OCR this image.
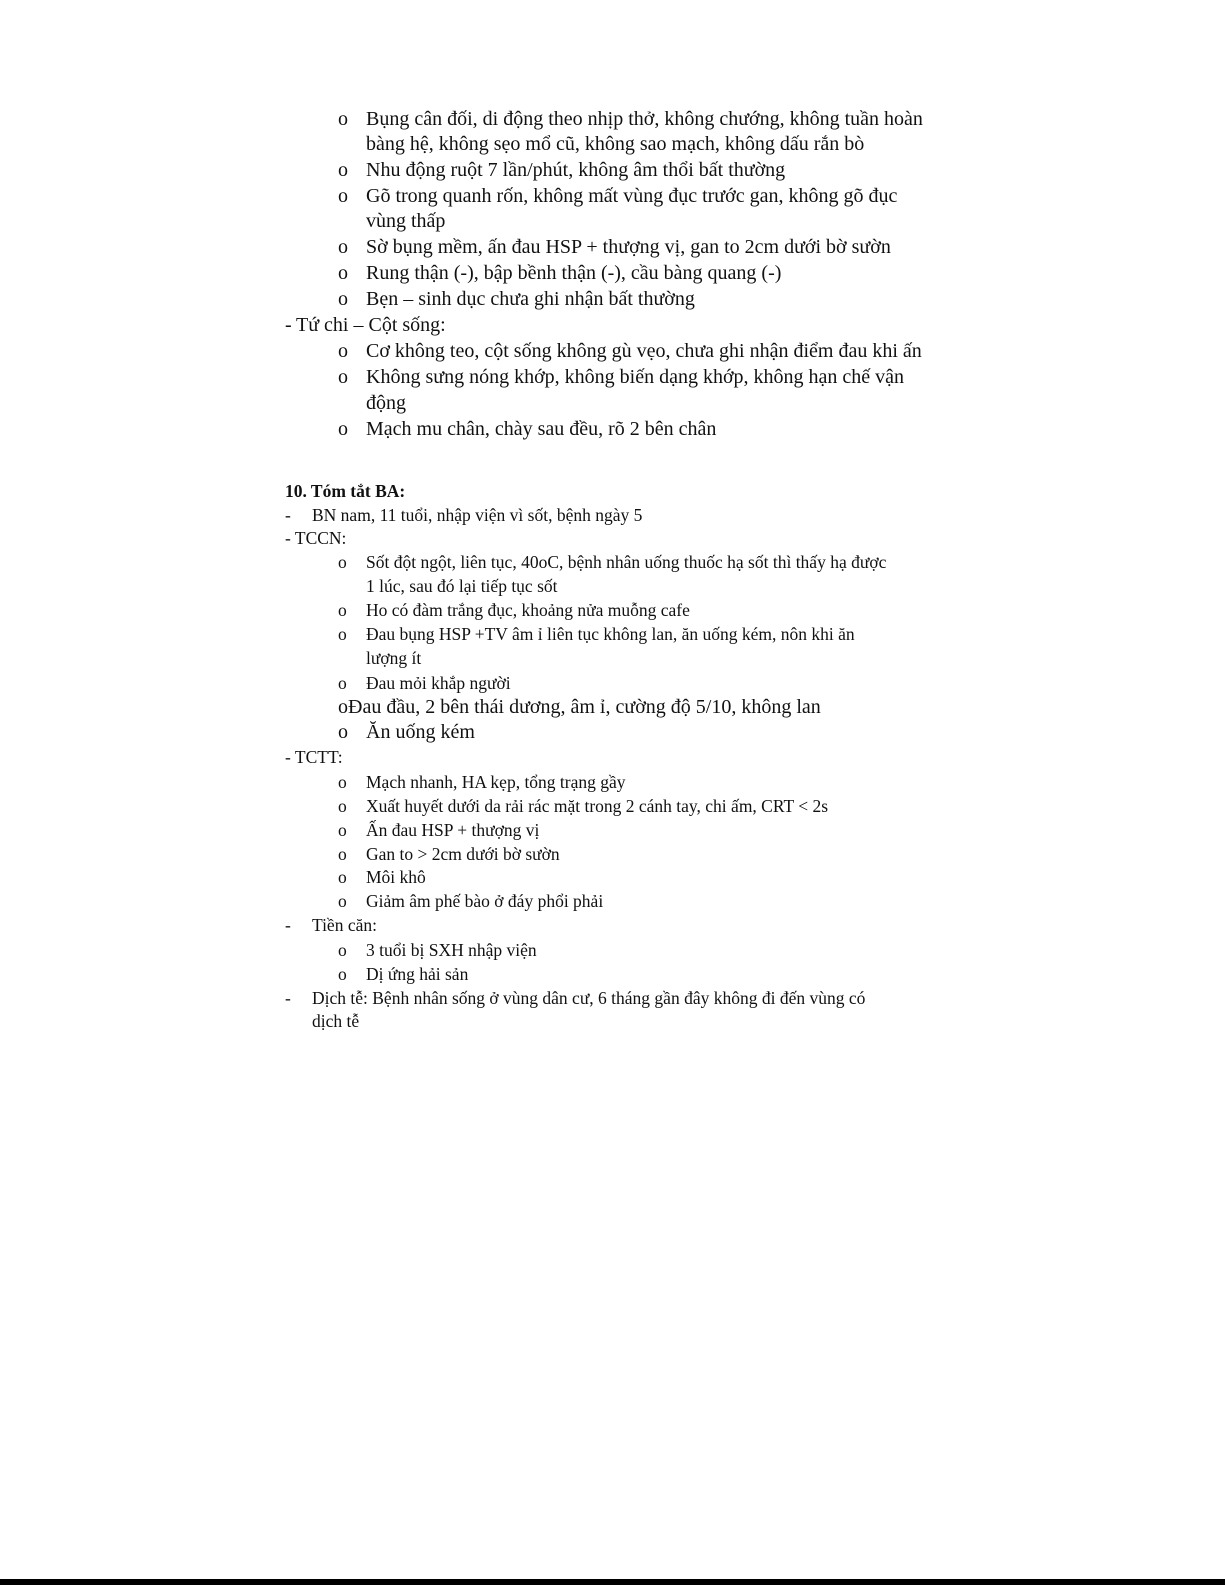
o Bụng cân đối, di động theo nhịp thở, không chướng, không tuần hoàn
bàng hệ, không sẹo mổ cũ, không sao mạch, không dấu rắn bò
o Nhu động ruột 7 lần/phút, không âm thổi bất thường
o Gõ trong quanh rốn, không mất vùng đục trước gan, không gõ đục
vùng thấp
o Sờ bụng mềm, ấn đau HSP + thượng vị, gan to 2cm dưới bờ sườn
o Rung thận (-), bập bềnh thận (-), cầu bàng quang (-)
o Bẹn – sinh dục chưa ghi nhận bất thường
- Tứ chi – Cột sống:
o Cơ không teo, cột sống không gù vẹo, chưa ghi nhận điểm đau khi ấn
o Không sưng nóng khớp, không biến dạng khớp, không hạn chế vận
động
o Mạch mu chân, chày sau đều, rõ 2 bên chân
10. Tóm tắt BA:
- BN nam, 11 tuổi, nhập viện vì sốt, bệnh ngày 5
- TCCN:
o Sốt đột ngột, liên tục, 40oC, bệnh nhân uống thuốc hạ sốt thì thấy hạ được
1 lúc, sau đó lại tiếp tục sốt
o Ho có đàm trắng đục, khoảng nửa muỗng cafe
o Đau bụng HSP +TV âm ỉ liên tục không lan, ăn uống kém, nôn khi ăn
lượng ít
o Đau mỏi khắp người
oĐau đầu, 2 bên thái dương, âm ỉ, cường độ 5/10, không lan
o Ăn uống kém
- TCTT:
o Mạch nhanh, HA kẹp, tổng trạng gầy
o Xuất huyết dưới da rải rác mặt trong 2 cánh tay, chi ấm, CRT < 2s
o Ấn đau HSP + thượng vị
o Gan to > 2cm dưới bờ sườn
o Môi khô
o Giảm âm phế bào ở đáy phổi phải
- Tiền căn:
o 3 tuổi bị SXH nhập viện
o Dị ứng hải sản
- Dịch tễ: Bệnh nhân sống ở vùng dân cư, 6 tháng gần đây không đi đến vùng có
dịch tễ
